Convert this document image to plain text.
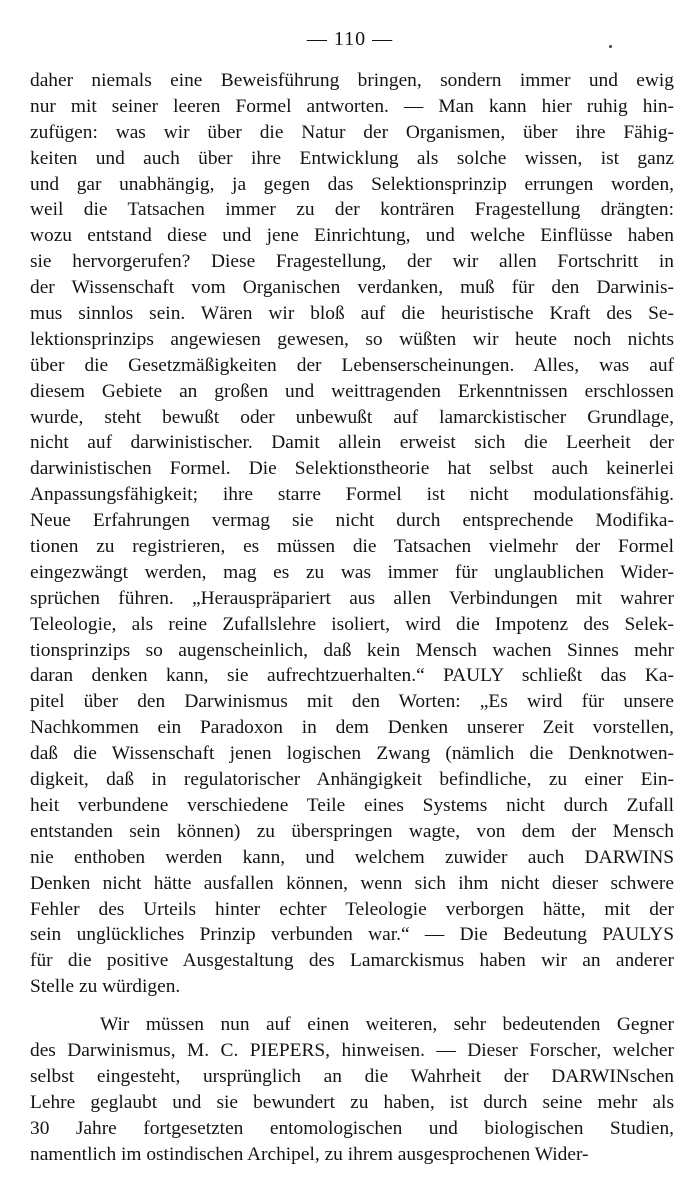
— 110 —
daher niemals eine Beweisführung bringen, sondern immer und ewig
nur mit seiner leeren Formel antworten. — Man kann hier ruhig hin-
zufügen: was wir über die Natur der Organismen, über ihre Fähig-
keiten und auch über ihre Entwicklung als solche wissen, ist ganz
und gar unabhängig, ja gegen das Selektionsprinzip errungen worden,
weil die Tatsachen immer zu der konträren Fragestellung drängten:
wozu entstand diese und jene Einrichtung, und welche Einflüsse haben
sie hervorgerufen? Diese Fragestellung, der wir allen Fortschritt in
der Wissenschaft vom Organischen verdanken, muß für den Darwinis-
mus sinnlos sein. Wären wir bloß auf die heuristische Kraft des Se-
lektionsprinzips angewiesen gewesen, so wüßten wir heute noch nichts
über die Gesetzmäßigkeiten der Lebenserscheinungen. Alles, was auf
diesem Gebiete an großen und weittragenden Erkenntnissen erschlossen
wurde, steht bewußt oder unbewußt auf lamarckistischer Grundlage,
nicht auf darwinistischer. Damit allein erweist sich die Leerheit der
darwinistischen Formel. Die Selektionstheorie hat selbst auch keinerlei
Anpassungsfähigkeit; ihre starre Formel ist nicht modulationsfähig.
Neue Erfahrungen vermag sie nicht durch entsprechende Modifika-
tionen zu registrieren, es müssen die Tatsachen vielmehr der Formel
eingezwängt werden, mag es zu was immer für unglaublichen Wider-
sprüchen führen. „Herauspräpariert aus allen Verbindungen mit wahrer
Teleologie, als reine Zufallslehre isoliert, wird die Impotenz des Selek-
tionsprinzips so augenscheinlich, daß kein Mensch wachen Sinnes mehr
daran denken kann, sie aufrechtzuerhalten.“ PAULY schließt das Ka-
pitel über den Darwinismus mit den Worten: „Es wird für unsere
Nachkommen ein Paradoxon in dem Denken unserer Zeit vorstellen,
daß die Wissenschaft jenen logischen Zwang (nämlich die Denknotwen-
digkeit, daß in regulatorischer Anhängigkeit befindliche, zu einer Ein-
heit verbundene verschiedene Teile eines Systems nicht durch Zufall
entstanden sein können) zu überspringen wagte, von dem der Mensch
nie enthoben werden kann, und welchem zuwider auch DARWINS
Denken nicht hätte ausfallen können, wenn sich ihm nicht dieser schwere
Fehler des Urteils hinter echter Teleologie verborgen hätte, mit der
sein unglückliches Prinzip verbunden war.“ — Die Bedeutung PAULYS
für die positive Ausgestaltung des Lamarckismus haben wir an anderer
Stelle zu würdigen.
Wir müssen nun auf einen weiteren, sehr bedeutenden Gegner
des Darwinismus, M. C. PIEPERS, hinweisen. — Dieser Forscher, welcher
selbst eingesteht, ursprünglich an die Wahrheit der DARWINschen
Lehre geglaubt und sie bewundert zu haben, ist durch seine mehr als
30 Jahre fortgesetzten entomologischen und biologischen Studien,
namentlich im ostindischen Archipel, zu ihrem ausgesprochenen Wider-
